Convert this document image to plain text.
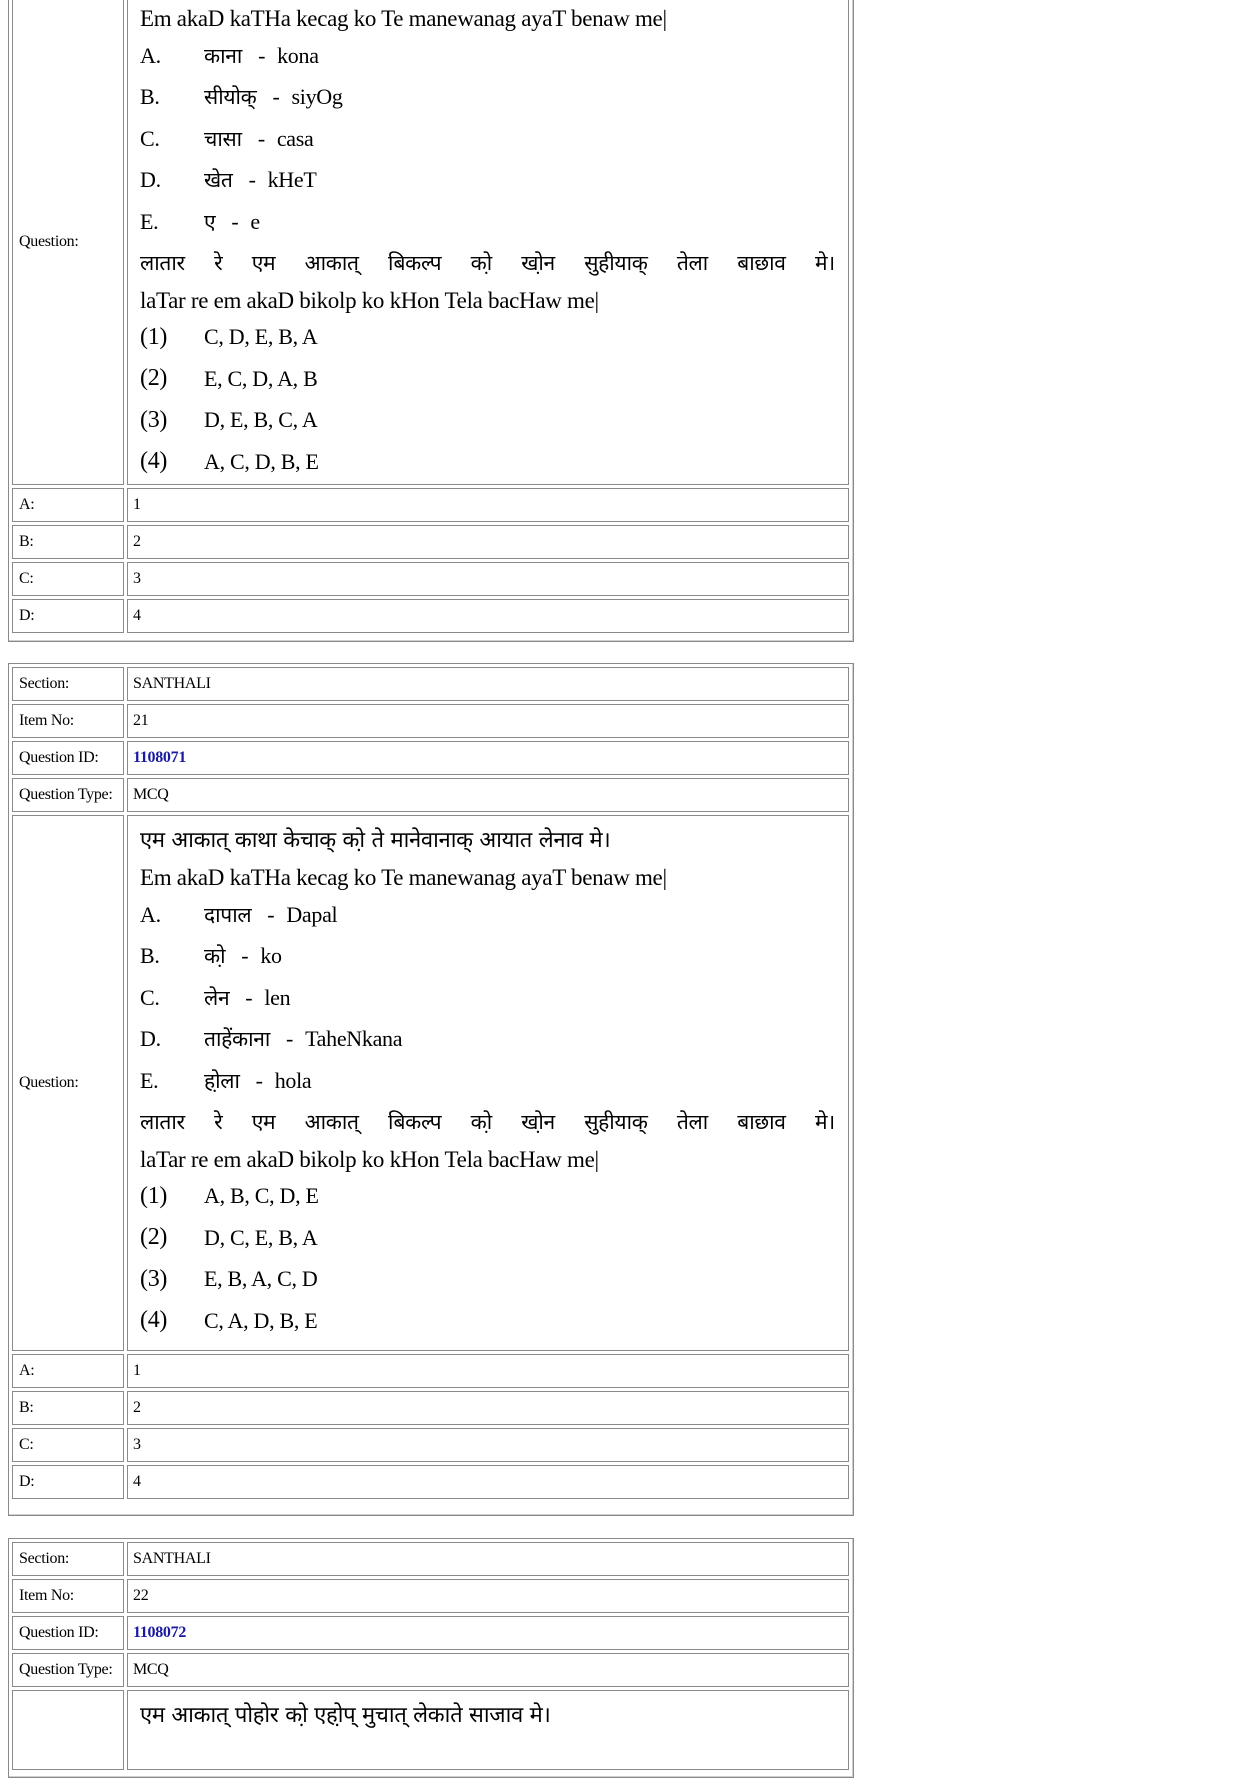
Question:
Em akaD kaTHa kecag ko Te manewanag ayaT benaw me|
A.	काना - kona
B.	सीयोक् - siyOg
C.	चासा - casa
D.	खेत - kHeT
E.	ए - e
लातार रे एम आकात् बिकल्प को़ खो़न सुहीयाक् तेला बाछाव मे।
laTar re em akaD bikolp ko kHon Tela bacHaw me|
(1)	C, D, E, B, A
(2)	E, C, D, A, B
(3)	D, E, B, C, A
(4)	A, C, D, B, E
A:	1
B:	2
C:	3
D:	4
Section:	SANTHALI
Item No:	21
Question ID:	1108071
Question Type:	MCQ
Question:
एम आकात् काथा केचाक् को़ ते मानेवानाक् आयात लेनाव मे।
Em akaD kaTHa kecag ko Te manewanag ayaT benaw me|
A.	दापाल - Dapal
B.	को़ - ko
C.	लेन - len
D.	ताहेंकाना - TaheNkana
E.	हो़ला - hola
लातार रे एम आकात् बिकल्प को़ खो़न सुहीयाक् तेला बाछाव मे।
laTar re em akaD bikolp ko kHon Tela bacHaw me|
(1)	A, B, C, D, E
(2)	D, C, E, B, A
(3)	E, B, A, C, D
(4)	C, A, D, B, E
A:	1
B:	2
C:	3
D:	4
Section:	SANTHALI
Item No:	22
Question ID:	1108072
Question Type:	MCQ
एम आकात् पोहोर को़ एहो़प् मुचात् लेकाते साजाव मे।
